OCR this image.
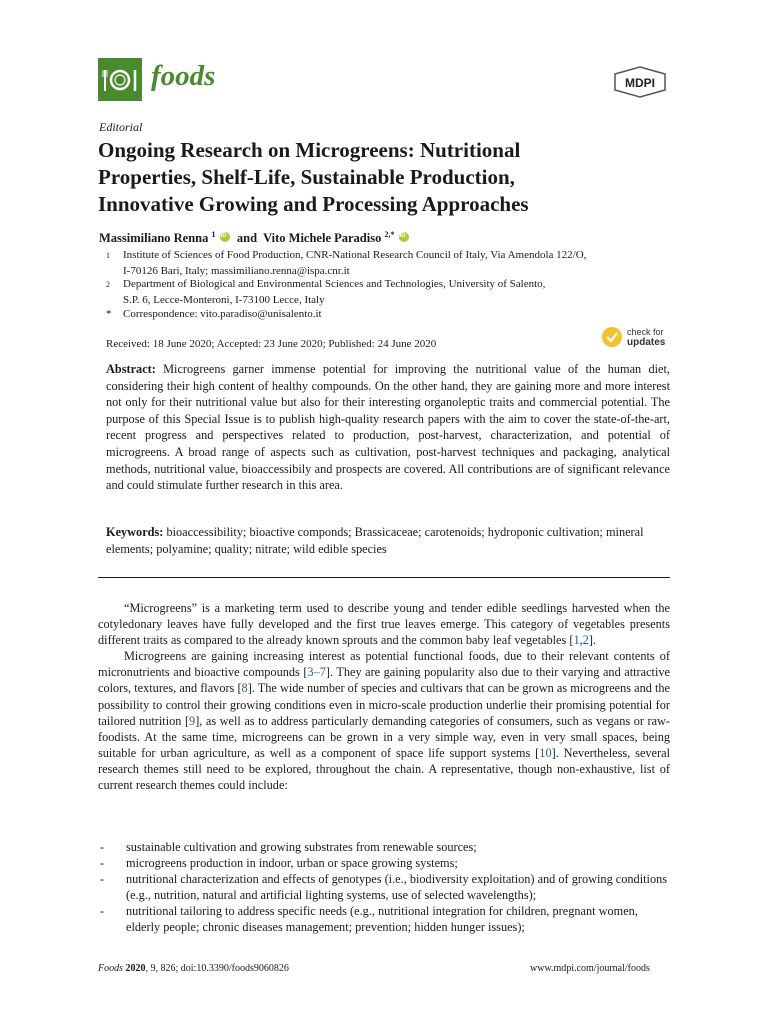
foods	MDPI
Editorial
Ongoing Research on Microgreens: Nutritional
Properties, Shelf-Life, Sustainable Production,
Innovative Growing and Processing Approaches
Massimiliano Renna $^1$ iD  and  Vito Michele Paradiso $^{2,*}$ iD
1 Institute of Sciences of Food Production, CNR-National Research Council of Italy, Via Amendola 122/O,
I-70126 Bari, Italy; massimiliano.renna@ispa.cnr.it
2 Department of Biological and Environmental Sciences and Technologies, University of Salento,
S.P. 6, Lecce-Monteroni, I-73100 Lecce, Italy
* Correspondence: vito.paradiso@unisalento.it
Received: 18 June 2020; Accepted: 23 June 2020; Published: 24 June 2020
check for
updates
Abstract: Microgreens garner immense potential for improving the nutritional value of the human diet, considering their high content of healthy compounds. On the other hand, they are gaining more and more interest not only for their nutritional value but also for their interesting organoleptic traits and commercial potential. The purpose of this Special Issue is to publish high-quality research papers with the aim to cover the state-of-the-art, recent progress and perspectives related to production, post-harvest, characterization, and potential of microgreens. A broad range of aspects such as cultivation, post-harvest techniques and packaging, analytical methods, nutritional value, bioaccessibily and prospects are covered. All contributions are of significant relevance and could stimulate further research in this area.
Keywords: bioaccessibility; bioactive componds; Brassicaceae; carotenoids; hydroponic cultivation; mineral elements; polyamine; quality; nitrate; wild edible species

“Microgreens” is a marketing term used to describe young and tender edible seedlings harvested when the cotyledonary leaves have fully developed and the first true leaves emerge. This category of vegetables presents different traits as compared to the already known sprouts and the common baby leaf vegetables [1,2].

Microgreens are gaining increasing interest as potential functional foods, due to their relevant contents of micronutrients and bioactive compounds [3–7]. They are gaining popularity also due to their varying and attractive colors, textures, and flavors [8]. The wide number of species and cultivars that can be grown as microgreens and the possibility to control their growing conditions even in micro-scale production underlie their promising potential for tailored nutrition [9], as well as to address particularly demanding categories of consumers, such as vegans or raw-foodists. At the same time, microgreens can be grown in a very simple way, even in very small spaces, being suitable for urban agriculture, as well as a component of space life support systems [10]. Nevertheless, several research themes still need to be explored, throughout the chain. A representative, though non-exhaustive, list of current research themes could include:

- sustainable cultivation and growing substrates from renewable sources;
- microgreens production in indoor, urban or space growing systems;
- nutritional characterization and effects of genotypes (i.e., biodiversity exploitation) and of growing conditions (e.g., nutrition, natural and artificial lighting systems, use of selected wavelengths);
- nutritional tailoring to address specific needs (e.g., nutritional integration for children, pregnant women, elderly people; chronic diseases management; prevention; hidden hunger issues);
Foods 2020, 9, 826; doi:10.3390/foods9060826	www.mdpi.com/journal/foods
